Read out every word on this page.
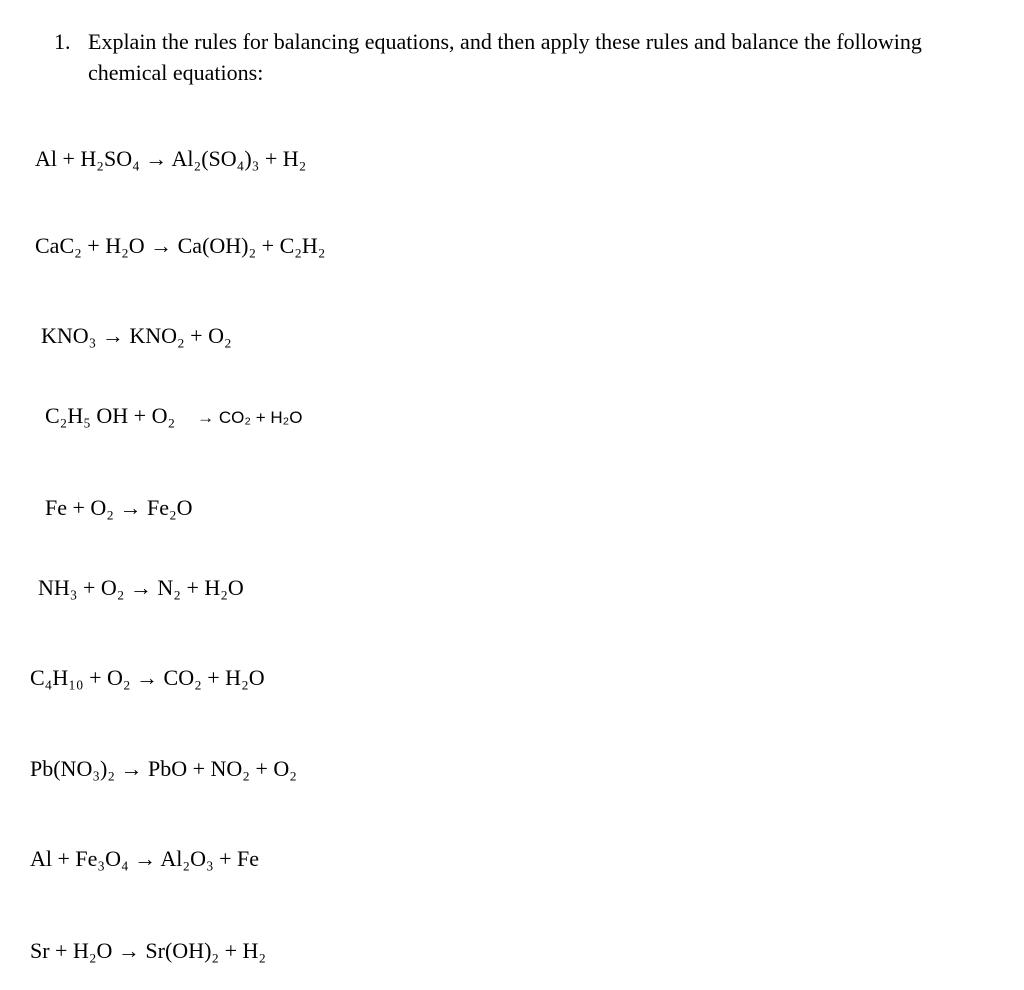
1. Explain the rules for balancing equations, and then apply these rules and balance the following chemical equations:
Al + H₂SO₄ → Al₂(SO₄)₃ + H₂
CaC₂ + H₂O → Ca(OH)₂ + C₂H₂
KNO₃ → KNO₂ + O₂
C₂H₅ OH + O₂ → CO₂ + H₂O
Fe + O₂ → Fe₂O
NH₃ + O₂ → N₂ + H₂O
C₄H₁₀ + O₂ → CO₂ + H₂O
Pb(NO₃)₂ → PbO + NO₂ + O₂
Al + Fe₃O₄ → Al₂O₃ + Fe
Sr + H₂O → Sr(OH)₂ + H₂
